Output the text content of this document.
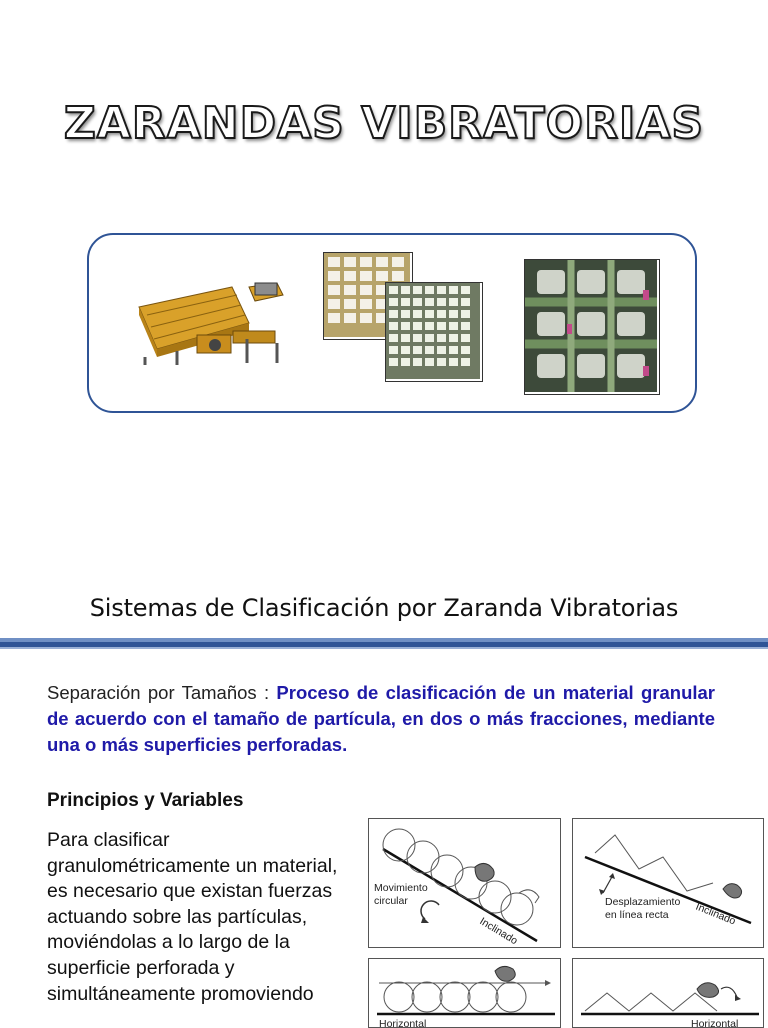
ZARANDAS VIBRATORIAS
Sistemas de Clasificación por Zaranda Vibratorias
Separación por Tamaños : Proceso de clasificación de un material granular de acuerdo con el tamaño de partícula, en dos o más fracciones, mediante una o más superficies perforadas.
Principios y Variables
Para clasificar granulométricamente un material, es necesario que existan fuerzas actuando sobre las partículas, moviéndolas a lo largo de la superficie perforada y simultáneamente promoviendo
Movimiento
circular
Inclinado
Desplazamiento
en línea recta Inclinado
Horizontal	Horizontal
